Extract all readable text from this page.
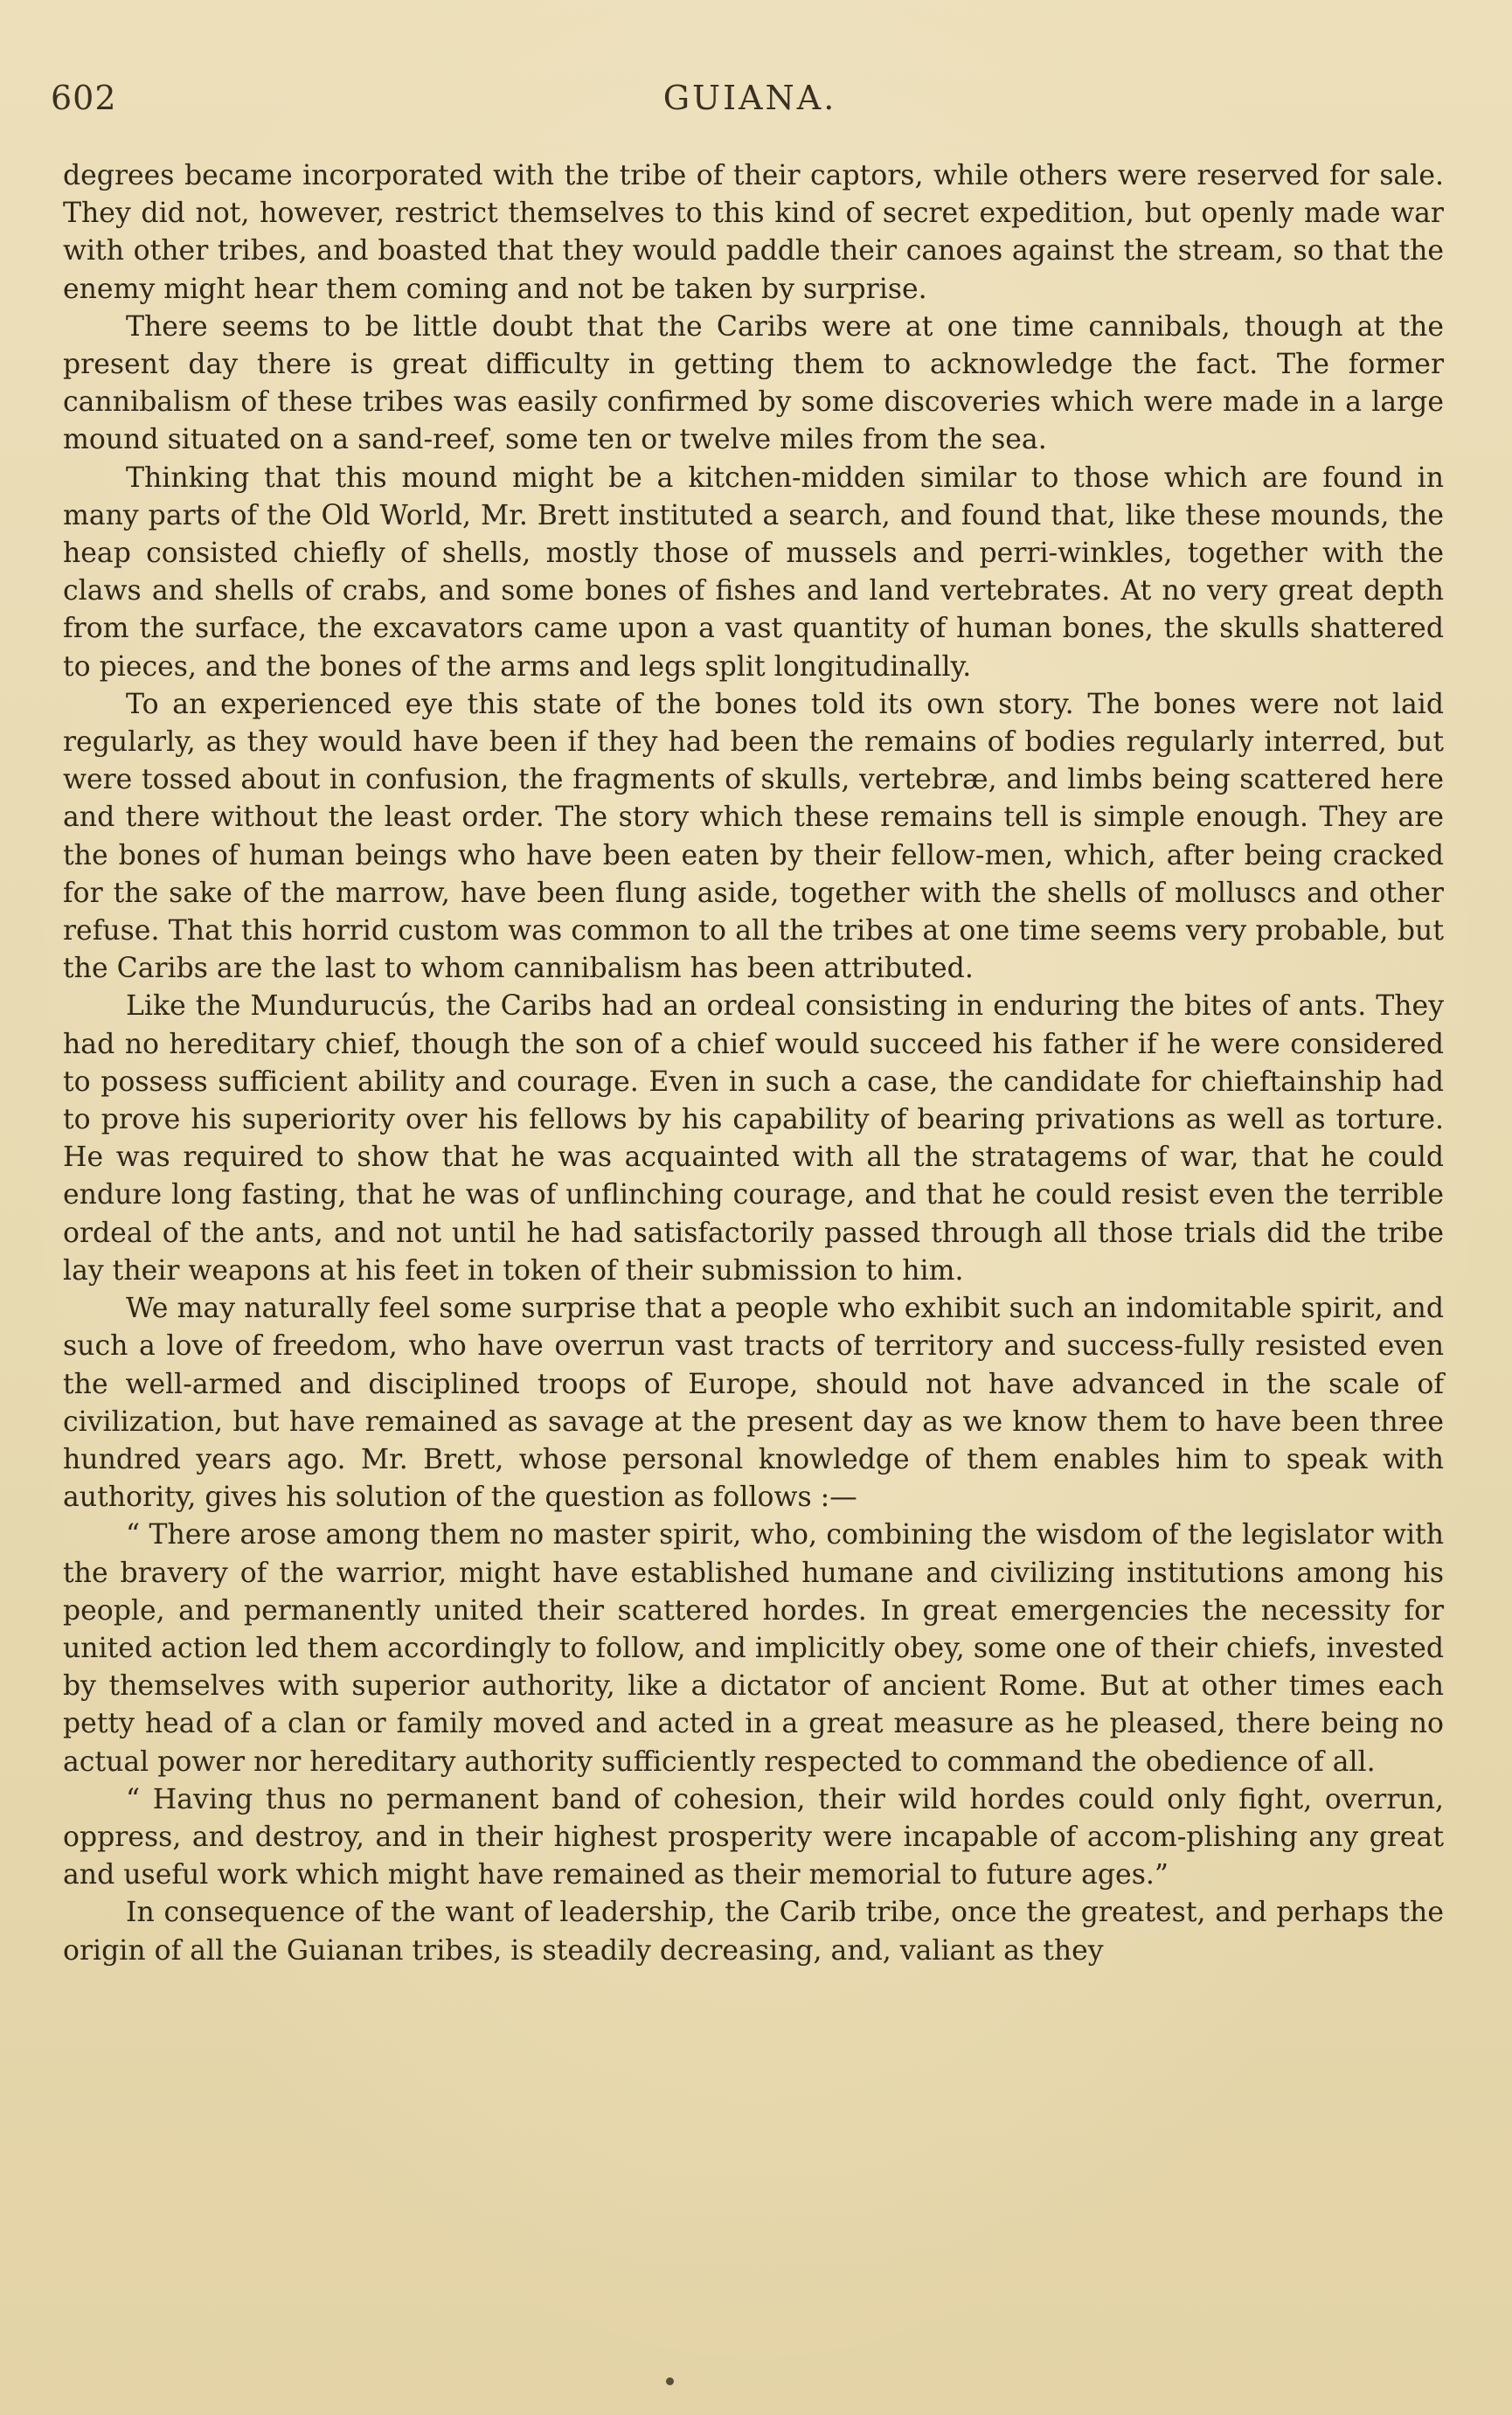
602	GUIANA.

degrees became incorporated with the tribe of their captors, while others were reserved for sale. They did not, however, restrict themselves to this kind of secret expedition, but openly made war with other tribes, and boasted that they would paddle their canoes against the stream, so that the enemy might hear them coming and not be taken by surprise.

There seems to be little doubt that the Caribs were at one time cannibals, though at the present day there is great difficulty in getting them to acknowledge the fact. The former cannibalism of these tribes was easily confirmed by some discoveries which were made in a large mound situated on a sand-reef, some ten or twelve miles from the sea.

Thinking that this mound might be a kitchen-midden similar to those which are found in many parts of the Old World, Mr. Brett instituted a search, and found that, like these mounds, the heap consisted chiefly of shells, mostly those of mussels and perri-winkles, together with the claws and shells of crabs, and some bones of fishes and land vertebrates. At no very great depth from the surface, the excavators came upon a vast quantity of human bones, the skulls shattered to pieces, and the bones of the arms and legs split longitudinally.

To an experienced eye this state of the bones told its own story. The bones were not laid regularly, as they would have been if they had been the remains of bodies regularly interred, but were tossed about in confusion, the fragments of skulls, vertebræ, and limbs being scattered here and there without the least order. The story which these remains tell is simple enough. They are the bones of human beings who have been eaten by their fellow-men, which, after being cracked for the sake of the marrow, have been flung aside, together with the shells of molluscs and other refuse. That this horrid custom was common to all the tribes at one time seems very probable, but the Caribs are the last to whom cannibalism has been attributed.

Like the Mundurucús, the Caribs had an ordeal consisting in enduring the bites of ants. They had no hereditary chief, though the son of a chief would succeed his father if he were considered to possess sufficient ability and courage. Even in such a case, the candidate for chieftainship had to prove his superiority over his fellows by his capability of bearing privations as well as torture. He was required to show that he was acquainted with all the stratagems of war, that he could endure long fasting, that he was of unflinching courage, and that he could resist even the terrible ordeal of the ants, and not until he had satisfactorily passed through all those trials did the tribe lay their weapons at his feet in token of their submission to him.

We may naturally feel some surprise that a people who exhibit such an indomitable spirit, and such a love of freedom, who have overrun vast tracts of territory and success-fully resisted even the well-armed and disciplined troops of Europe, should not have advanced in the scale of civilization, but have remained as savage at the present day as we know them to have been three hundred years ago. Mr. Brett, whose personal knowledge of them enables him to speak with authority, gives his solution of the question as follows :—

“ There arose among them no master spirit, who, combining the wisdom of the legislator with the bravery of the warrior, might have established humane and civilizing institutions among his people, and permanently united their scattered hordes. In great emergencies the necessity for united action led them accordingly to follow, and implicitly obey, some one of their chiefs, invested by themselves with superior authority, like a dictator of ancient Rome. But at other times each petty head of a clan or family moved and acted in a great measure as he pleased, there being no actual power nor hereditary authority sufficiently respected to command the obedience of all.

“ Having thus no permanent band of cohesion, their wild hordes could only fight, overrun, oppress, and destroy, and in their highest prosperity were incapable of accom-plishing any great and useful work which might have remained as their memorial to future ages.”

In consequence of the want of leadership, the Carib tribe, once the greatest, and perhaps the origin of all the Guianan tribes, is steadily decreasing, and, valiant as they
